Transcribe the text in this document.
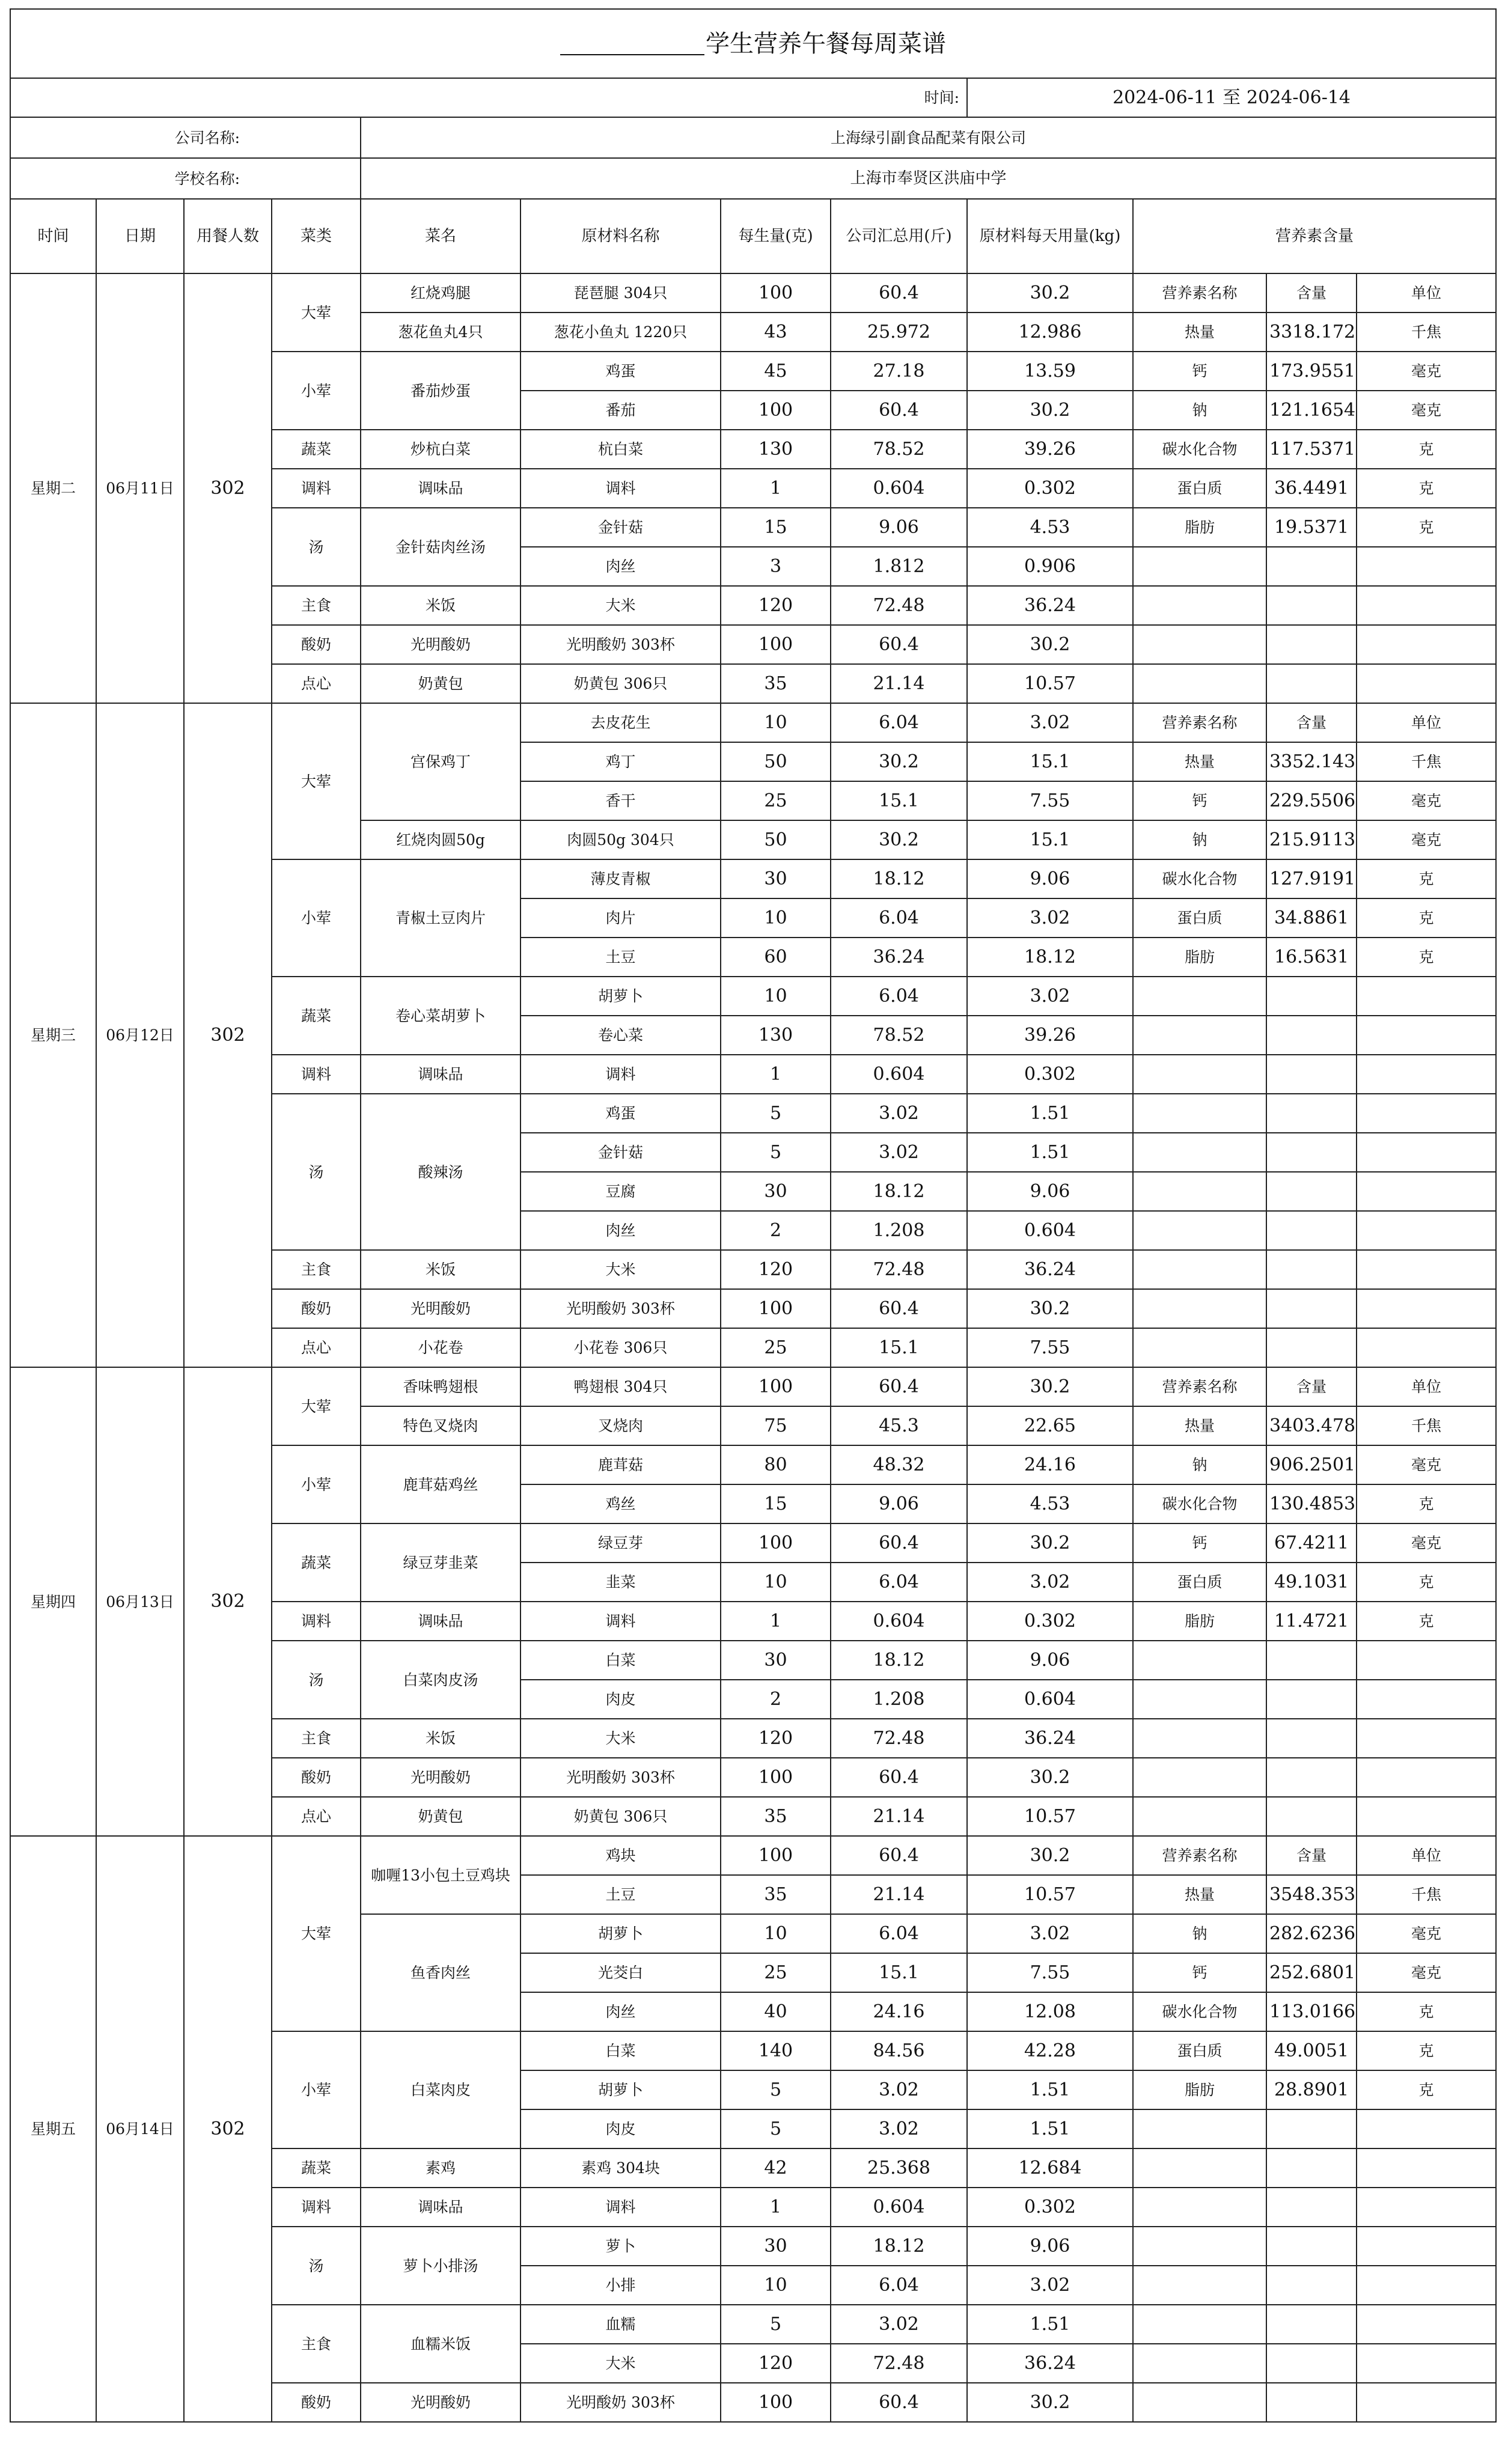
学生营养午餐每周菜谱											
时间:								2024-06-11 至 2024-06-14			
公司名称:				上海绿引副食品配菜有限公司							
学校名称:				上海市奉贤区洪庙中学							
时间	日期	用餐人数	菜类	菜名	原材料名称	每生量(克)	公司汇总用(斤)	原材料每天用量(kg)	营养素含量		
星期二	06月11日	302	大荤	红烧鸡腿	琵琶腿 304只	100	60.4	30.2	营养素名称	含量	单位
				葱花鱼丸4只	葱花小鱼丸 1220只	43	25.972	12.986	热量	3318.172	千焦
			小荤	番茄炒蛋	鸡蛋	45	27.18	13.59	钙	173.9551	毫克
					番茄	100	60.4	30.2	钠	121.1654	毫克
			蔬菜	炒杭白菜	杭白菜	130	78.52	39.26	碳水化合物	117.5371	克
			调料	调味品	调料	1	0.604	0.302	蛋白质	36.4491	克
			汤	金针菇肉丝汤	金针菇	15	9.06	4.53	脂肪	19.5371	克
					肉丝	3	1.812	0.906			
			主食	米饭	大米	120	72.48	36.24			
			酸奶	光明酸奶	光明酸奶 303杯	100	60.4	30.2			
			点心	奶黄包	奶黄包 306只	35	21.14	10.57			
星期三	06月12日	302	大荤	宫保鸡丁	去皮花生	10	6.04	3.02	营养素名称	含量	单位
					鸡丁	50	30.2	15.1	热量	3352.143	千焦
					香干	25	15.1	7.55	钙	229.5506	毫克
				红烧肉圆50g	肉圆50g 304只	50	30.2	15.1	钠	215.9113	毫克
			小荤	青椒土豆肉片	薄皮青椒	30	18.12	9.06	碳水化合物	127.9191	克
					肉片	10	6.04	3.02	蛋白质	34.8861	克
					土豆	60	36.24	18.12	脂肪	16.5631	克
			蔬菜	卷心菜胡萝卜	胡萝卜	10	6.04	3.02			
					卷心菜	130	78.52	39.26			
			调料	调味品	调料	1	0.604	0.302			
			汤	酸辣汤	鸡蛋	5	3.02	1.51			
					金针菇	5	3.02	1.51			
					豆腐	30	18.12	9.06			
					肉丝	2	1.208	0.604			
			主食	米饭	大米	120	72.48	36.24			
			酸奶	光明酸奶	光明酸奶 303杯	100	60.4	30.2			
			点心	小花卷	小花卷 306只	25	15.1	7.55			
星期四	06月13日	302	大荤	香味鸭翅根	鸭翅根 304只	100	60.4	30.2	营养素名称	含量	单位
				特色叉烧肉	叉烧肉	75	45.3	22.65	热量	3403.478	千焦
			小荤	鹿茸菇鸡丝	鹿茸菇	80	48.32	24.16	钠	906.2501	毫克
					鸡丝	15	9.06	4.53	碳水化合物	130.4853	克
			蔬菜	绿豆芽韭菜	绿豆芽	100	60.4	30.2	钙	67.4211	毫克
					韭菜	10	6.04	3.02	蛋白质	49.1031	克
			调料	调味品	调料	1	0.604	0.302	脂肪	11.4721	克
			汤	白菜肉皮汤	白菜	30	18.12	9.06			
					肉皮	2	1.208	0.604			
			主食	米饭	大米	120	72.48	36.24			
			酸奶	光明酸奶	光明酸奶 303杯	100	60.4	30.2			
			点心	奶黄包	奶黄包 306只	35	21.14	10.57			
星期五	06月14日	302	大荤	咖喱13小包土豆鸡块	鸡块	100	60.4	30.2	营养素名称	含量	单位
					土豆	35	21.14	10.57	热量	3548.353	千焦
				鱼香肉丝	胡萝卜	10	6.04	3.02	钠	282.6236	毫克
					光茭白	25	15.1	7.55	钙	252.6801	毫克
					肉丝	40	24.16	12.08	碳水化合物	113.0166	克
			小荤	白菜肉皮	白菜	140	84.56	42.28	蛋白质	49.0051	克
					胡萝卜	5	3.02	1.51	脂肪	28.8901	克
					肉皮	5	3.02	1.51			
			蔬菜	素鸡	素鸡 304块	42	25.368	12.684			
			调料	调味品	调料	1	0.604	0.302			
			汤	萝卜小排汤	萝卜	30	18.12	9.06			
					小排	10	6.04	3.02			
			主食	血糯米饭	血糯	5	3.02	1.51			
					大米	120	72.48	36.24			
			酸奶	光明酸奶	光明酸奶 303杯	100	60.4	30.2			
